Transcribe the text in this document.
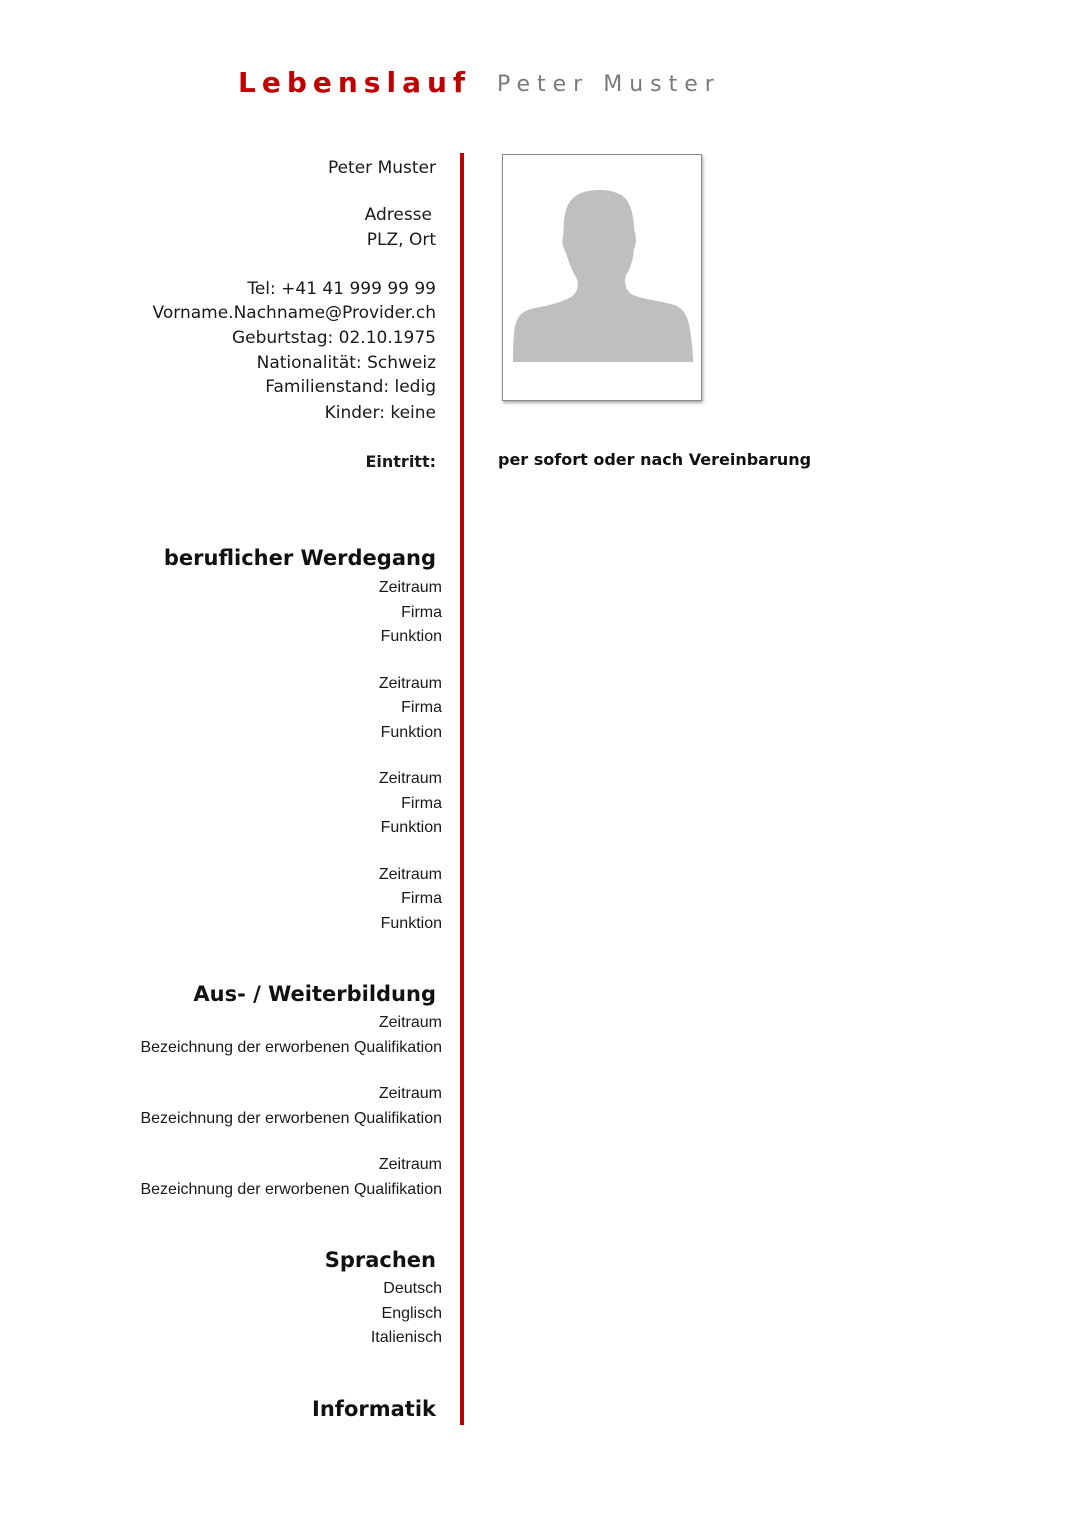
Lebenslauf Peter Muster
Peter Muster
Adresse
PLZ, Ort
Tel: +41 41 999 99 99
Vorname.Nachname@Provider.ch
Geburtstag: 02.10.1975
Nationalität: Schweiz
Familienstand: ledig
Kinder: keine
Eintritt:	per sofort oder nach Vereinbarung
beruflicher Werdegang
Zeitraum
Firma
Funktion
Zeitraum
Firma
Funktion
Zeitraum
Firma
Funktion
Zeitraum
Firma
Funktion
Aus- / Weiterbildung
Zeitraum
Bezeichnung der erworbenen Qualifikation
Zeitraum
Bezeichnung der erworbenen Qualifikation
Zeitraum
Bezeichnung der erworbenen Qualifikation
Sprachen
Deutsch
Englisch
Italienisch
Informatik
